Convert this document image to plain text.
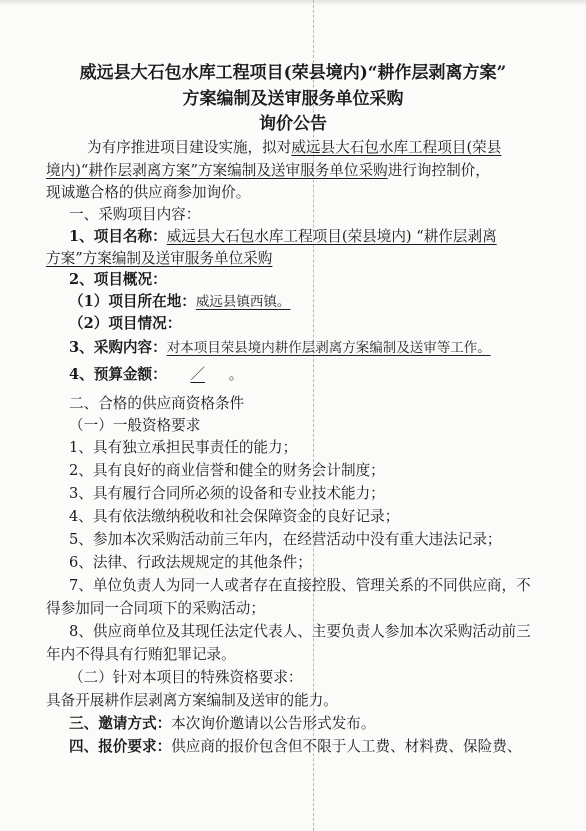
威远县大石包水库工程项目(荣县境内)“耕作层剥离方案”
方案编制及送审服务单位采购
询价公告
为有序推进项目建设实施，拟对威远县大石包水库工程项目(荣县
境内)“耕作层剥离方案”方案编制及送审服务单位采购进行询控制价，
现诚邀合格的供应商参加询价。
一、采购项目内容：
1、项目名称：威远县大石包水库工程项目(荣县境内) “耕作层剥离
方案”方案编制及送审服务单位采购
2、项目概况：
（1）项目所在地：威远县镇西镇。
（2）项目情况：
3、采购内容：对本项目荣县境内耕作层剥离方案编制及送审等工作。
4、预算金额： ／ 。
二、合格的供应商资格条件
（一）一般资格要求
1、具有独立承担民事责任的能力；
2、具有良好的商业信誉和健全的财务会计制度；
3、具有履行合同所必须的设备和专业技术能力；
4、具有依法缴纳税收和社会保障资金的良好记录；
5、参加本次采购活动前三年内，在经营活动中没有重大违法记录；
6、法律、行政法规规定的其他条件；
7、单位负责人为同一人或者存在直接控股、管理关系的不同供应商，不
得参加同一合同项下的采购活动；
8、供应商单位及其现任法定代表人、主要负责人参加本次采购活动前三
年内不得具有行贿犯罪记录。
（二）针对本项目的特殊资格要求：
具备开展耕作层剥离方案编制及送审的能力。
三、邀请方式：本次询价邀请以公告形式发布。
四、报价要求：供应商的报价包含但不限于人工费、材料费、保险费、
